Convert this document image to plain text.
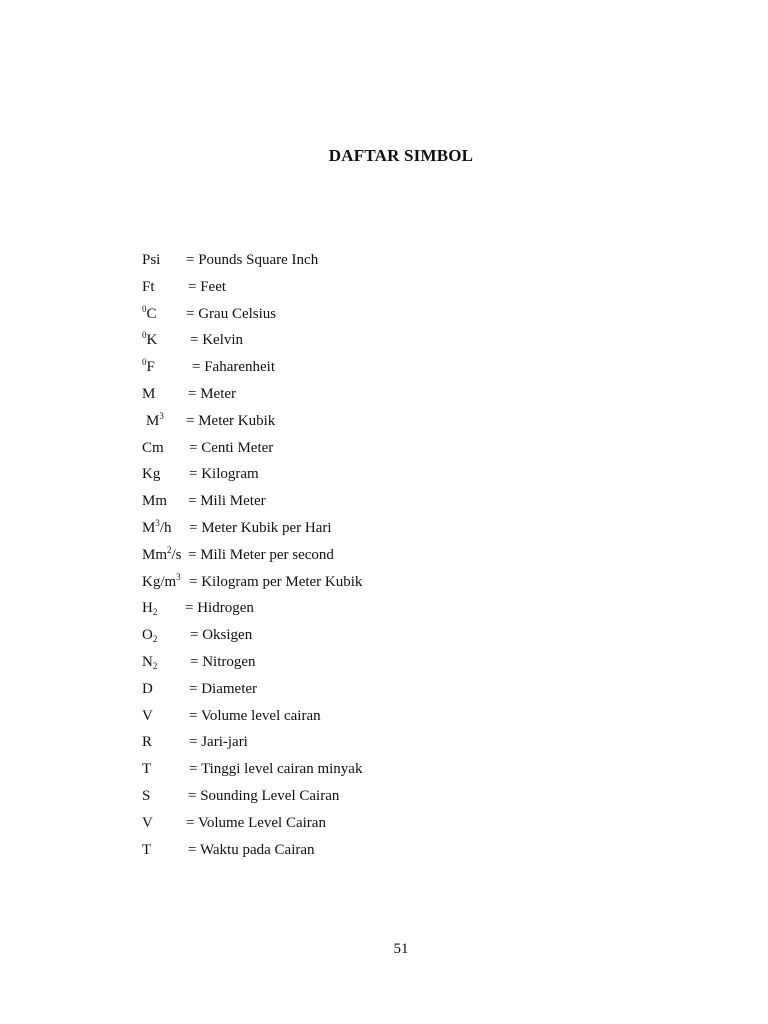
DAFTAR SIMBOL
Psi = Pounds Square Inch
Ft = Feet
$^0$C = Grau Celsius
$^0$K = Kelvin
$^0$F = Faharenheit
M = Meter
$M^3$ = Meter Kubik
Cm = Centi Meter
Kg = Kilogram
Mm = Mili Meter
$M^3/h$ = Meter Kubik per Hari
$Mm^2/s$ = Mili Meter per second
$Kg/m^3$ = Kilogram per Meter Kubik
$H_2$ = Hidrogen
$O_2$ = Oksigen
$N_2$ = Nitrogen
D = Diameter
V = Volume level cairan
R = Jari-jari
T	= Tinggi level cairan minyak
S	= Sounding Level Cairan
V = Volume Level Cairan
T = Waktu pada Cairan
51
